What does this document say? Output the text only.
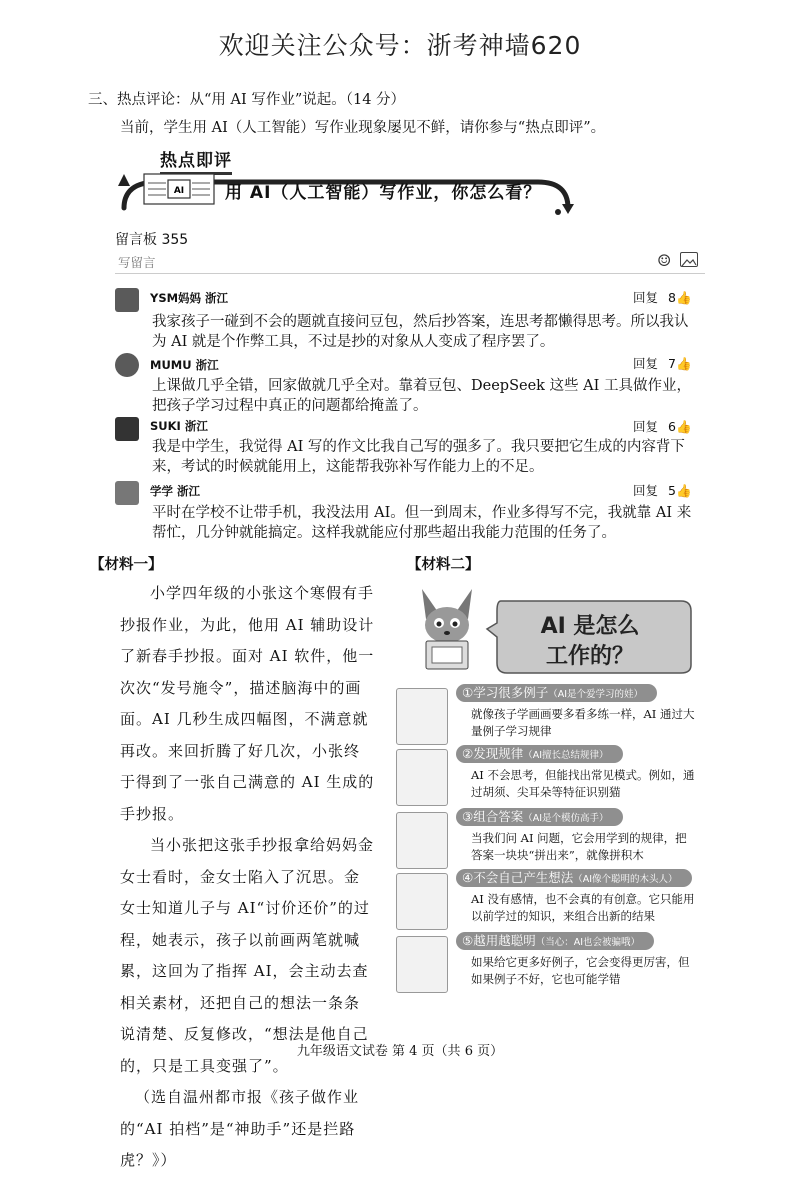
欢迎关注公众号：浙考神墙620
三、热点评论：从“用 AI 写作业”说起。（14 分）
当前，学生用 AI（人工智能）写作业现象屡见不鲜，请你参与“热点即评”。
热点即评
AI 用 AI（人工智能）写作业，你怎么看？
留言板 355
写留言	☺
YSM妈妈 浙江	回复 8👍
我家孩子一碰到不会的题就直接问豆包，然后抄答案，连思考都懒得思考。所以我认为 AI 就是个作弊工具，不过是抄的对象从人变成了程序罢了。
MUMU 浙江	回复 7👍
上课做几乎全错，回家做就几乎全对。靠着豆包、DeepSeek 这些 AI 工具做作业，把孩子学习过程中真正的问题都给掩盖了。
SUKI 浙江	回复 6👍
我是中学生，我觉得 AI 写的作文比我自己写的强多了。我只要把它生成的内容背下来，考试的时候就能用上，这能帮我弥补写作能力上的不足。
学学 浙江	回复 5👍
平时在学校不让带手机，我没法用 AI。但一到周末，作业多得写不完，我就靠 AI 来帮忙，几分钟就能搞定。这样我就能应付那些超出我能力范围的任务了。
【材料一】

小学四年级的小张这个寒假有手抄报作业，为此，他用 AI 辅助设计了新春手抄报。面对 AI 软件，他一次次“发号施令”，描述脑海中的画面。AI 几秒生成四幅图，不满意就再改。来回折腾了好几次，小张终于得到了一张自己满意的 AI 生成的手抄报。

当小张把这张手抄报拿给妈妈金女士看时，金女士陷入了沉思。金女士知道儿子与 AI“讨价还价”的过程，她表示，孩子以前画两笔就喊累，这回为了指挥 AI，会主动去查相关素材，还把自己的想法一条条说清楚、反复修改，“想法是他自己的，只是工具变强了”。

（选自温州都市报《孩子做作业的“AI 拍档”是“神助手”还是拦路虎？》）

【材料二】
AI 是怎么
工作的？
①学习很多例子（AI是个爱学习的娃）
就像孩子学画画要多看多练一样，AI 通过大量例子学习规律
②发现规律（AI擅长总结规律）
AI 不会思考，但能找出常见模式。例如，通过胡须、尖耳朵等特征识别猫
③组合答案（AI是个模仿高手）
当我们问 AI 问题，它会用学到的规律，把答案一块块“拼出来”，就像拼积木
④不会自己产生想法（AI像个聪明的木头人）
AI 没有感情，也不会真的有创意。它只能用以前学过的知识，来组合出新的结果
⑤越用越聪明（当心：AI也会被骗哦）
如果给它更多好例子，它会变得更厉害，但如果例子不好，它也可能学错
九年级语文试卷 第 4 页（共 6 页）
